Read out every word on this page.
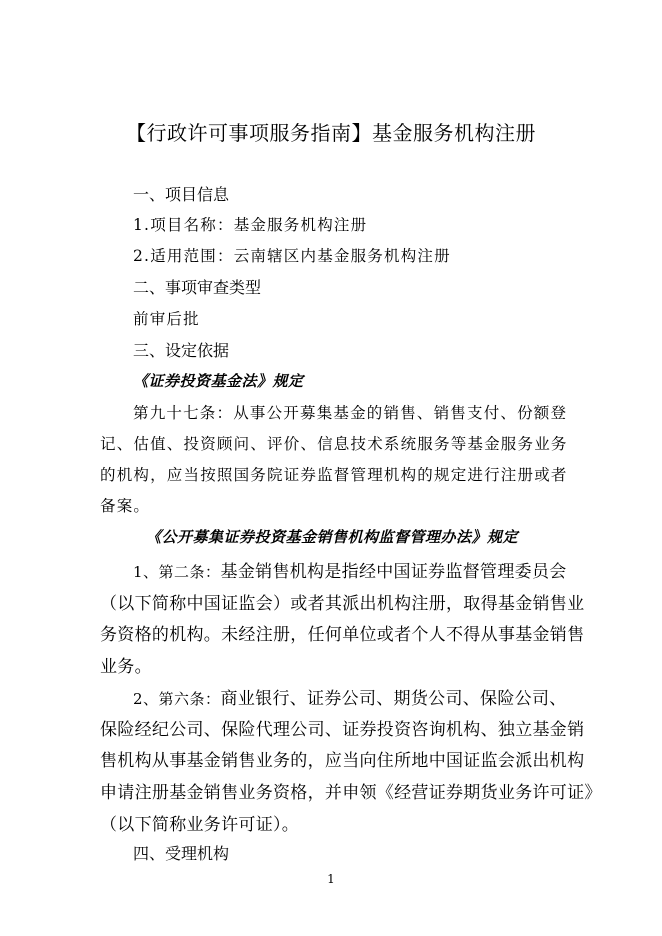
【行政许可事项服务指南】基金服务机构注册
一、项目信息
1.项目名称：基金服务机构注册
2.适用范围：云南辖区内基金服务机构注册
二、事项审查类型
前审后批
三、设定依据
《证券投资基金法》规定
第九十七条：从事公开募集基金的销售、销售支付、份额登
记、估值、投资顾问、评价、信息技术系统服务等基金服务业务
的机构，应当按照国务院证券监督管理机构的规定进行注册或者
备案。
《公开募集证券投资基金销售机构监督管理办法》规定
1、第二条：基金销售机构是指经中国证券监督管理委员会
（以下简称中国证监会）或者其派出机构注册，取得基金销售业
务资格的机构。未经注册，任何单位或者个人不得从事基金销售
业务。
2、第六条：商业银行、证券公司、期货公司、保险公司、
保险经纪公司、保险代理公司、证券投资咨询机构、独立基金销
售机构从事基金销售业务的，应当向住所地中国证监会派出机构
申请注册基金销售业务资格，并申领《经营证券期货业务许可证》
（以下简称业务许可证）。
四、受理机构
1
